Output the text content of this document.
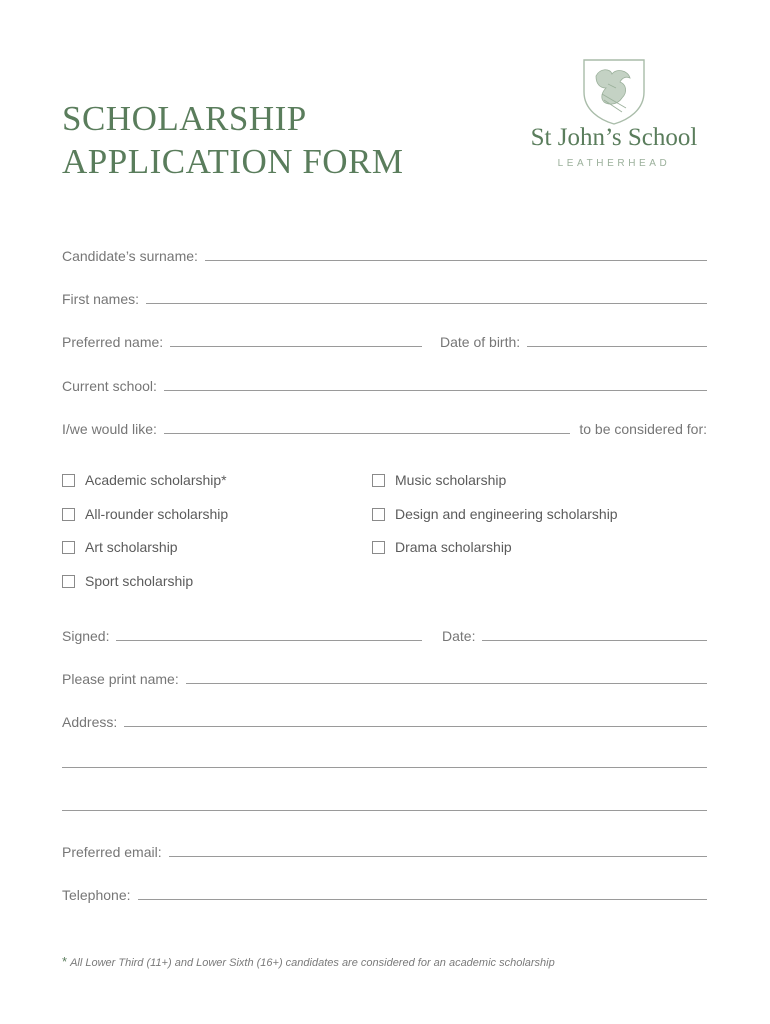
SCHOLARSHIP
APPLICATION FORM
St John’s School
LEATHERHEAD
Candidate’s surname:
First names:
Preferred name:	Date of birth:
Current school:
I/we would like:	to be considered for:
Academic scholarship*
All-rounder scholarship
Art scholarship
Sport scholarship
Music scholarship
Design and engineering scholarship
Drama scholarship
Signed:	Date:
Please print name:
Address:
Preferred email:
Telephone:
* All Lower Third (11+) and Lower Sixth (16+) candidates are considered for an academic scholarship
